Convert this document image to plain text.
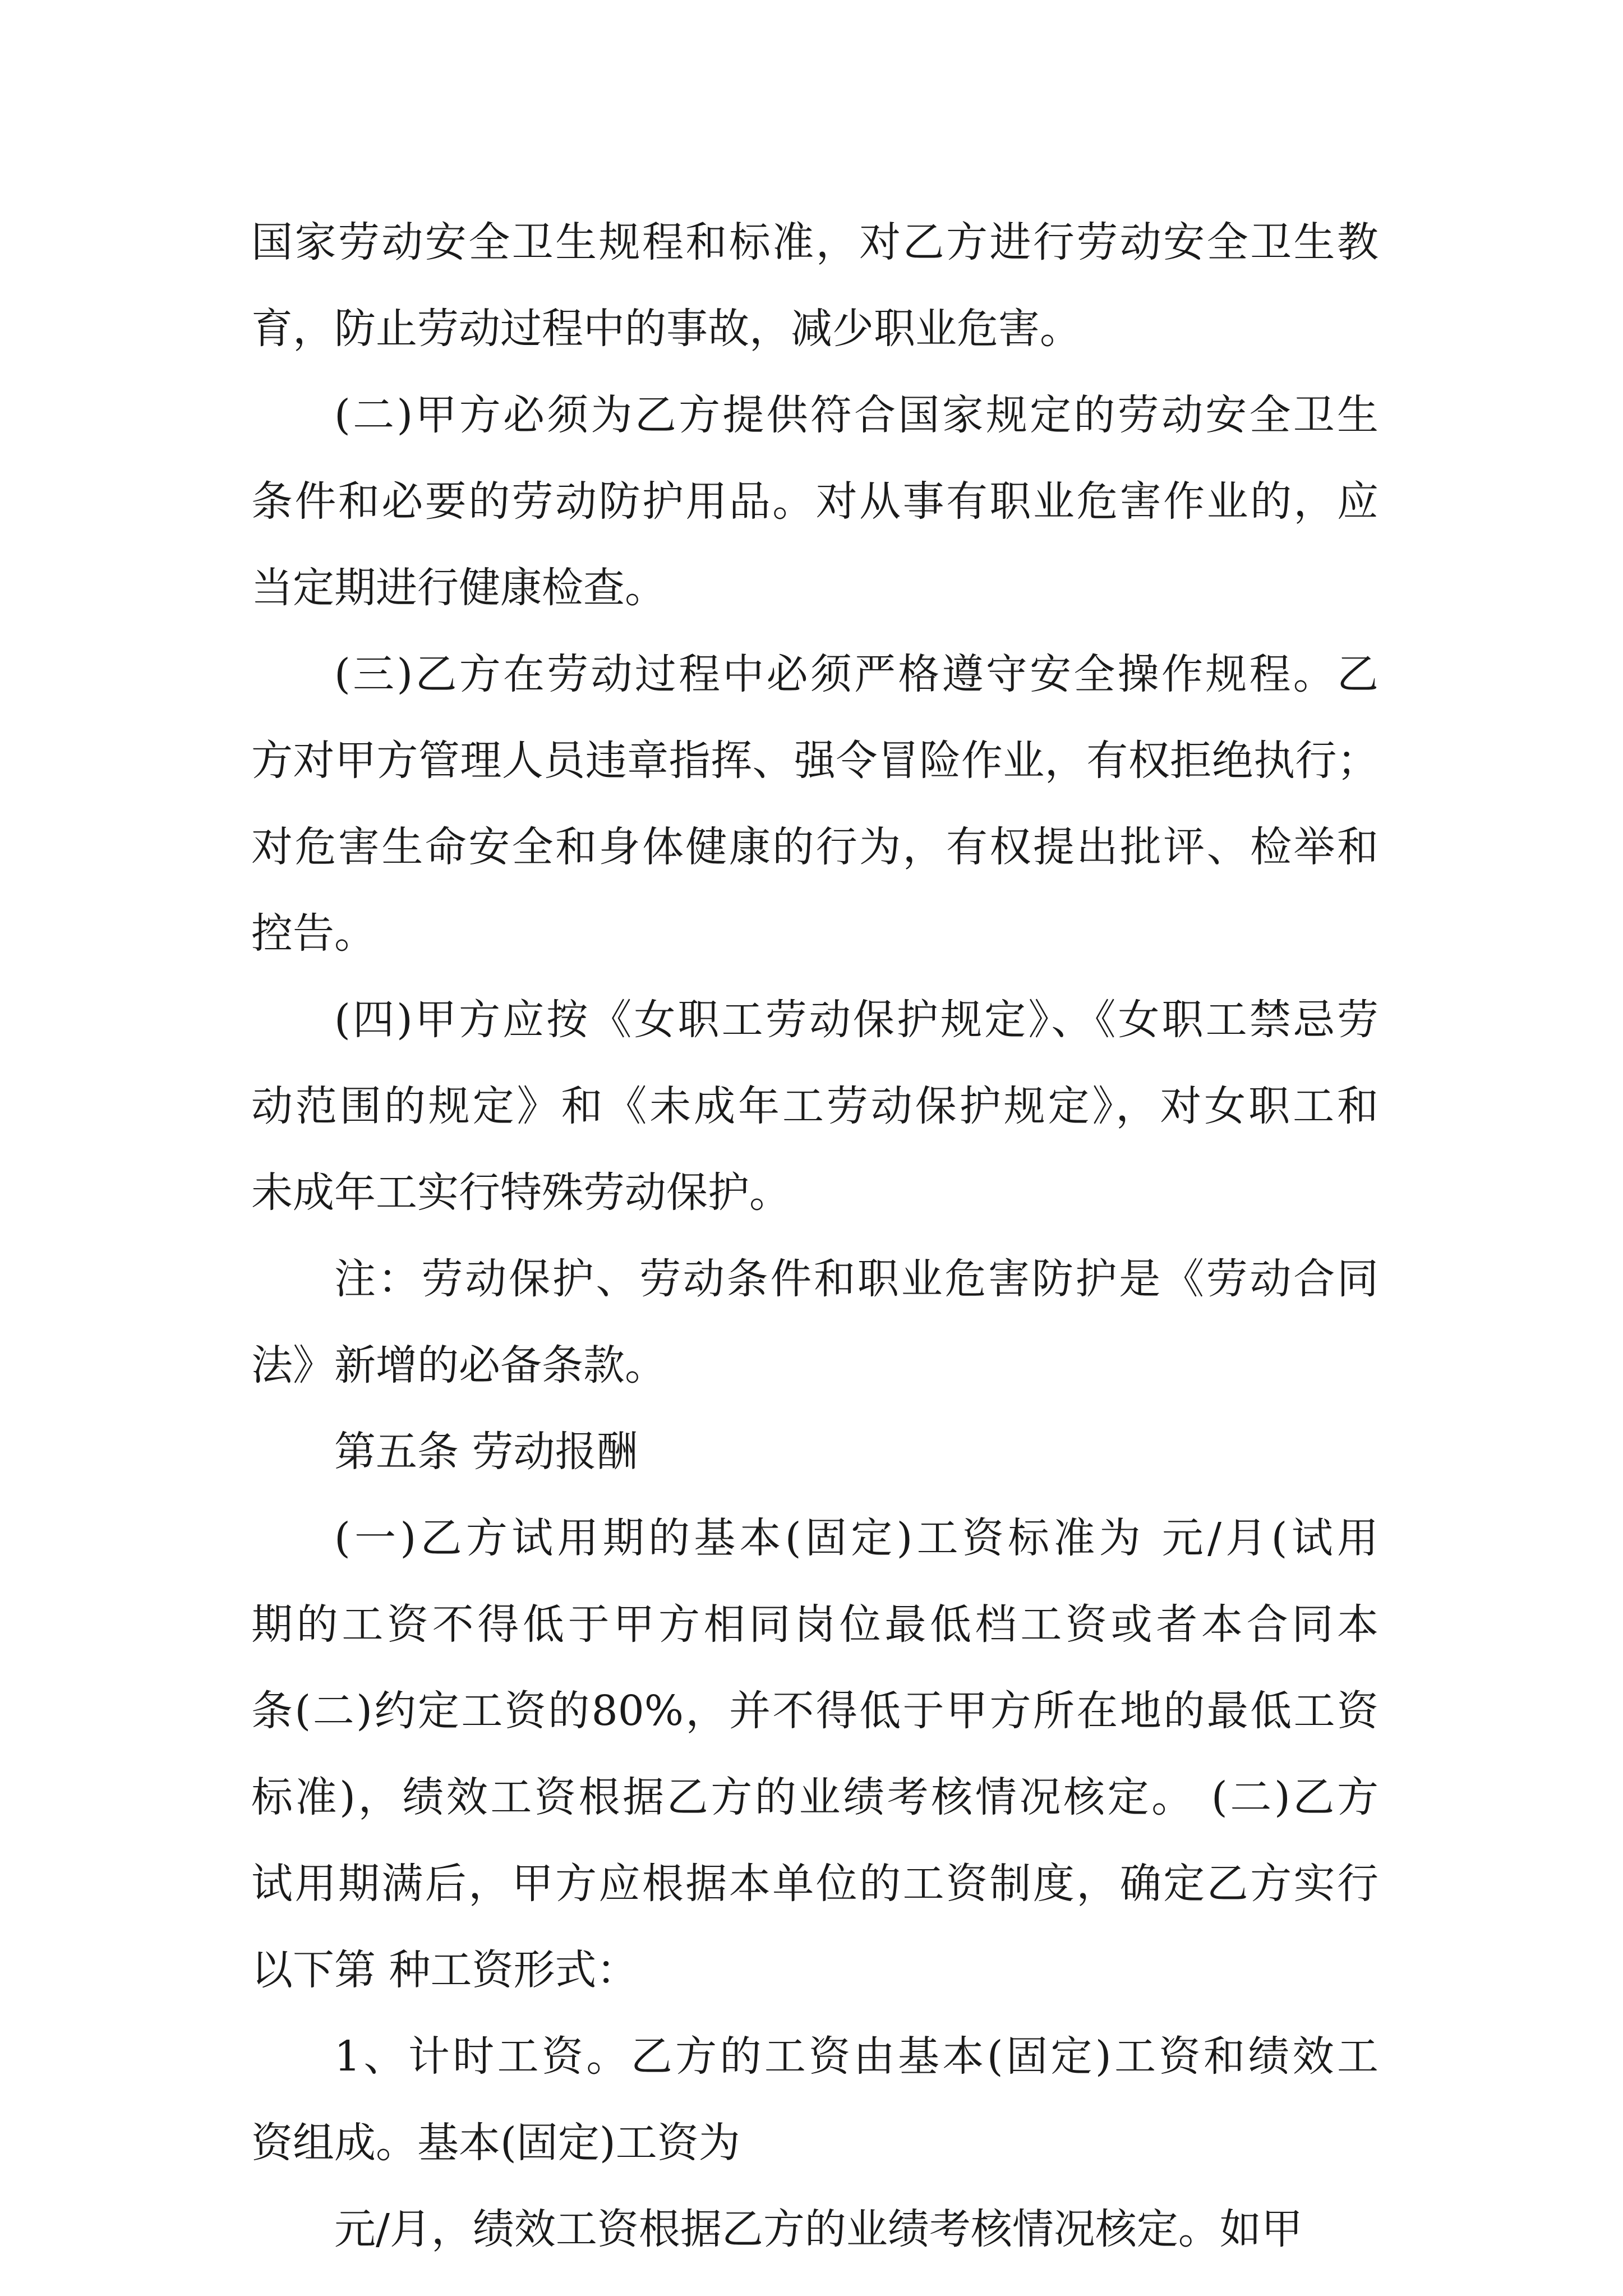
国家劳动安全卫生规程和标准，对乙方进行劳动安全卫生教
育，防止劳动过程中的事故，减少职业危害。

(二)甲方必须为乙方提供符合国家规定的劳动安全卫生
条件和必要的劳动防护用品。对从事有职业危害作业的，应
当定期进行健康检查。

(三)乙方在劳动过程中必须严格遵守安全操作规程。乙
方对甲方管理人员违章指挥、强令冒险作业，有权拒绝执行；
对危害生命安全和身体健康的行为，有权提出批评、检举和
控告。

(四)甲方应按《女职工劳动保护规定》、《女职工禁忌劳
动范围的规定》和《未成年工劳动保护规定》，对女职工和
未成年工实行特殊劳动保护。

注：劳动保护、劳动条件和职业危害防护是《劳动合同
法》新增的必备条款。

第五条 劳动报酬

(一)乙方试用期的基本(固定)工资标准为 元/月(试用
期的工资不得低于甲方相同岗位最低档工资或者本合同本
条(二)约定工资的80%，并不得低于甲方所在地的最低工资
标准)，绩效工资根据乙方的业绩考核情况核定。 (二)乙方
试用期满后，甲方应根据本单位的工资制度，确定乙方实行
以下第 种工资形式：

1、计时工资。乙方的工资由基本(固定)工资和绩效工
资组成。基本(固定)工资为

元/月，绩效工资根据乙方的业绩考核情况核定。如甲
